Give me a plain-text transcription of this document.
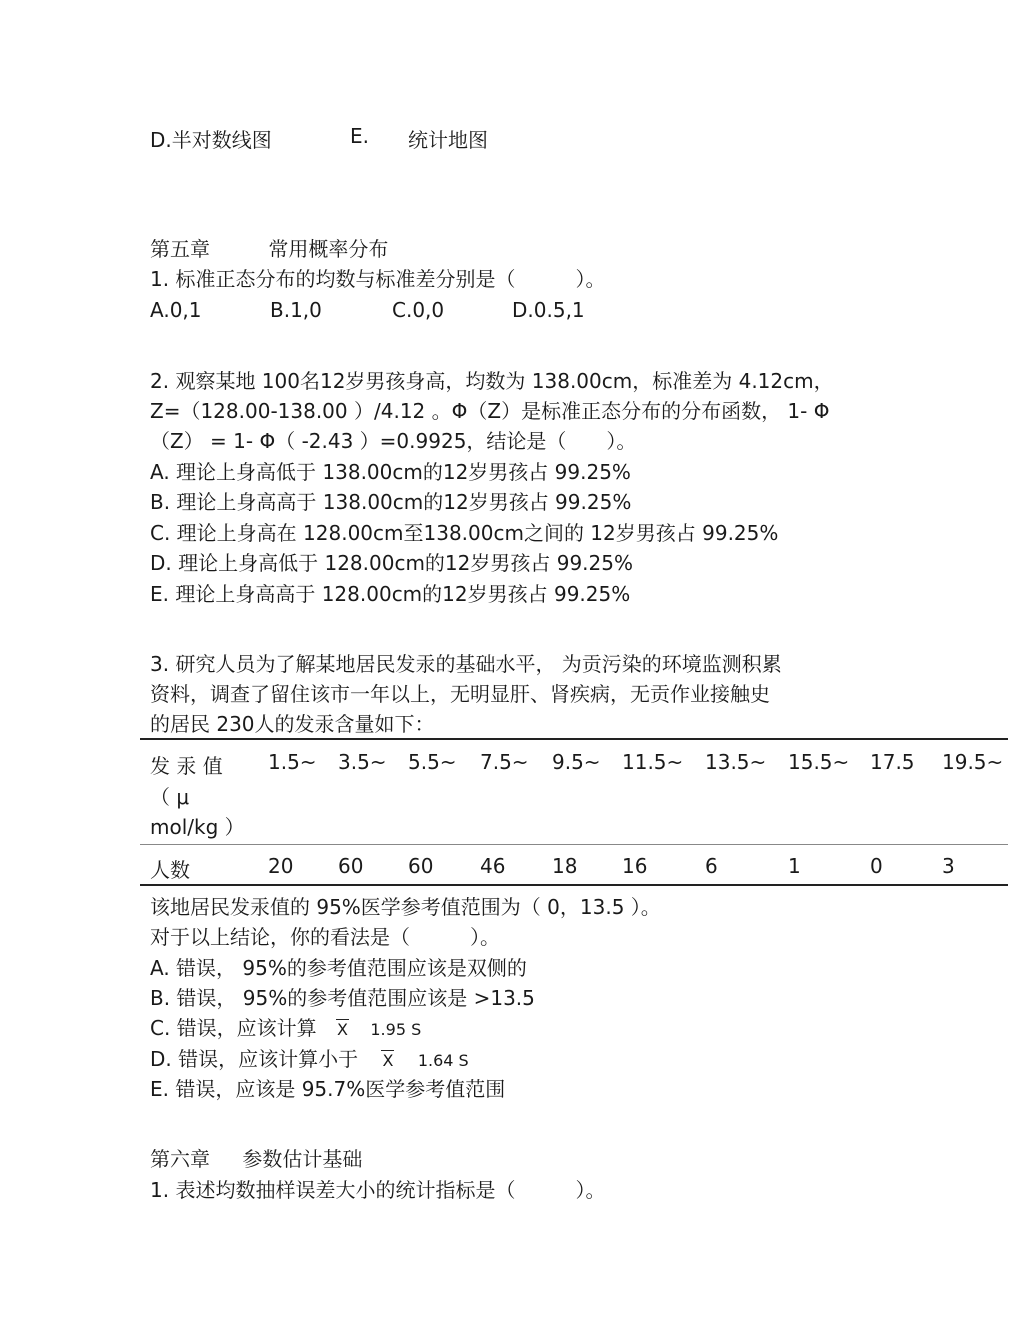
D.半对数线图	E. 统计地图
第五章	常用概率分布
1. 标准正态分布的均数与标准差分别是（　　　）。
A.0,1	B.1,0	C.0,0	D.0.5,1
2. 观察某地 100名12岁男孩身高，均数为 138.00cm，标准差为 4.12cm，
Z=（128.00-138.00 ）/4.12 。Φ（Z）是标准正态分布的分布函数， 1- Φ
（Z） = 1- Φ（ -2.43 ）=0.9925，结论是（　　）。
A. 理论上身高低于 138.00cm的12岁男孩占 99.25%
B. 理论上身高高于 138.00cm的12岁男孩占 99.25%
C. 理论上身高在 128.00cm至138.00cm之间的 12岁男孩占 99.25%
D. 理论上身高低于 128.00cm的12岁男孩占 99.25%
E. 理论上身高高于 128.00cm的12岁男孩占 99.25%
3. 研究人员为了解某地居民发汞的基础水平， 为贡污染的环境监测积累
资料，调查了留住该市一年以上，无明显肝、肾疾病，无贡作业接触史
的居民 230人的发汞含量如下：
发 汞 值
（ μ
mol/kg ）
1.5~ 3.5~ 5.5~ 7.5~ 9.5~ 11.5~ 13.5~ 15.5~ 17.5 19.5~
人数	20 60 60 46 18 16	6	1	0	3
该地居民发汞值的 95%医学参考值范围为（ 0，13.5 ）。
对于以上结论，你的看法是（　　　）。
A. 错误， 95%的参考值范围应该是双侧的
B. 错误， 95%的参考值范围应该是 >13.5
C. 错误，应该计算 X 1.95 S
D. 错误，应该计算小于 X 1.64 S
E. 错误，应该是 95.7%医学参考值范围
第六章 参数估计基础
1. 表述均数抽样误差大小的统计指标是（　　　）。
